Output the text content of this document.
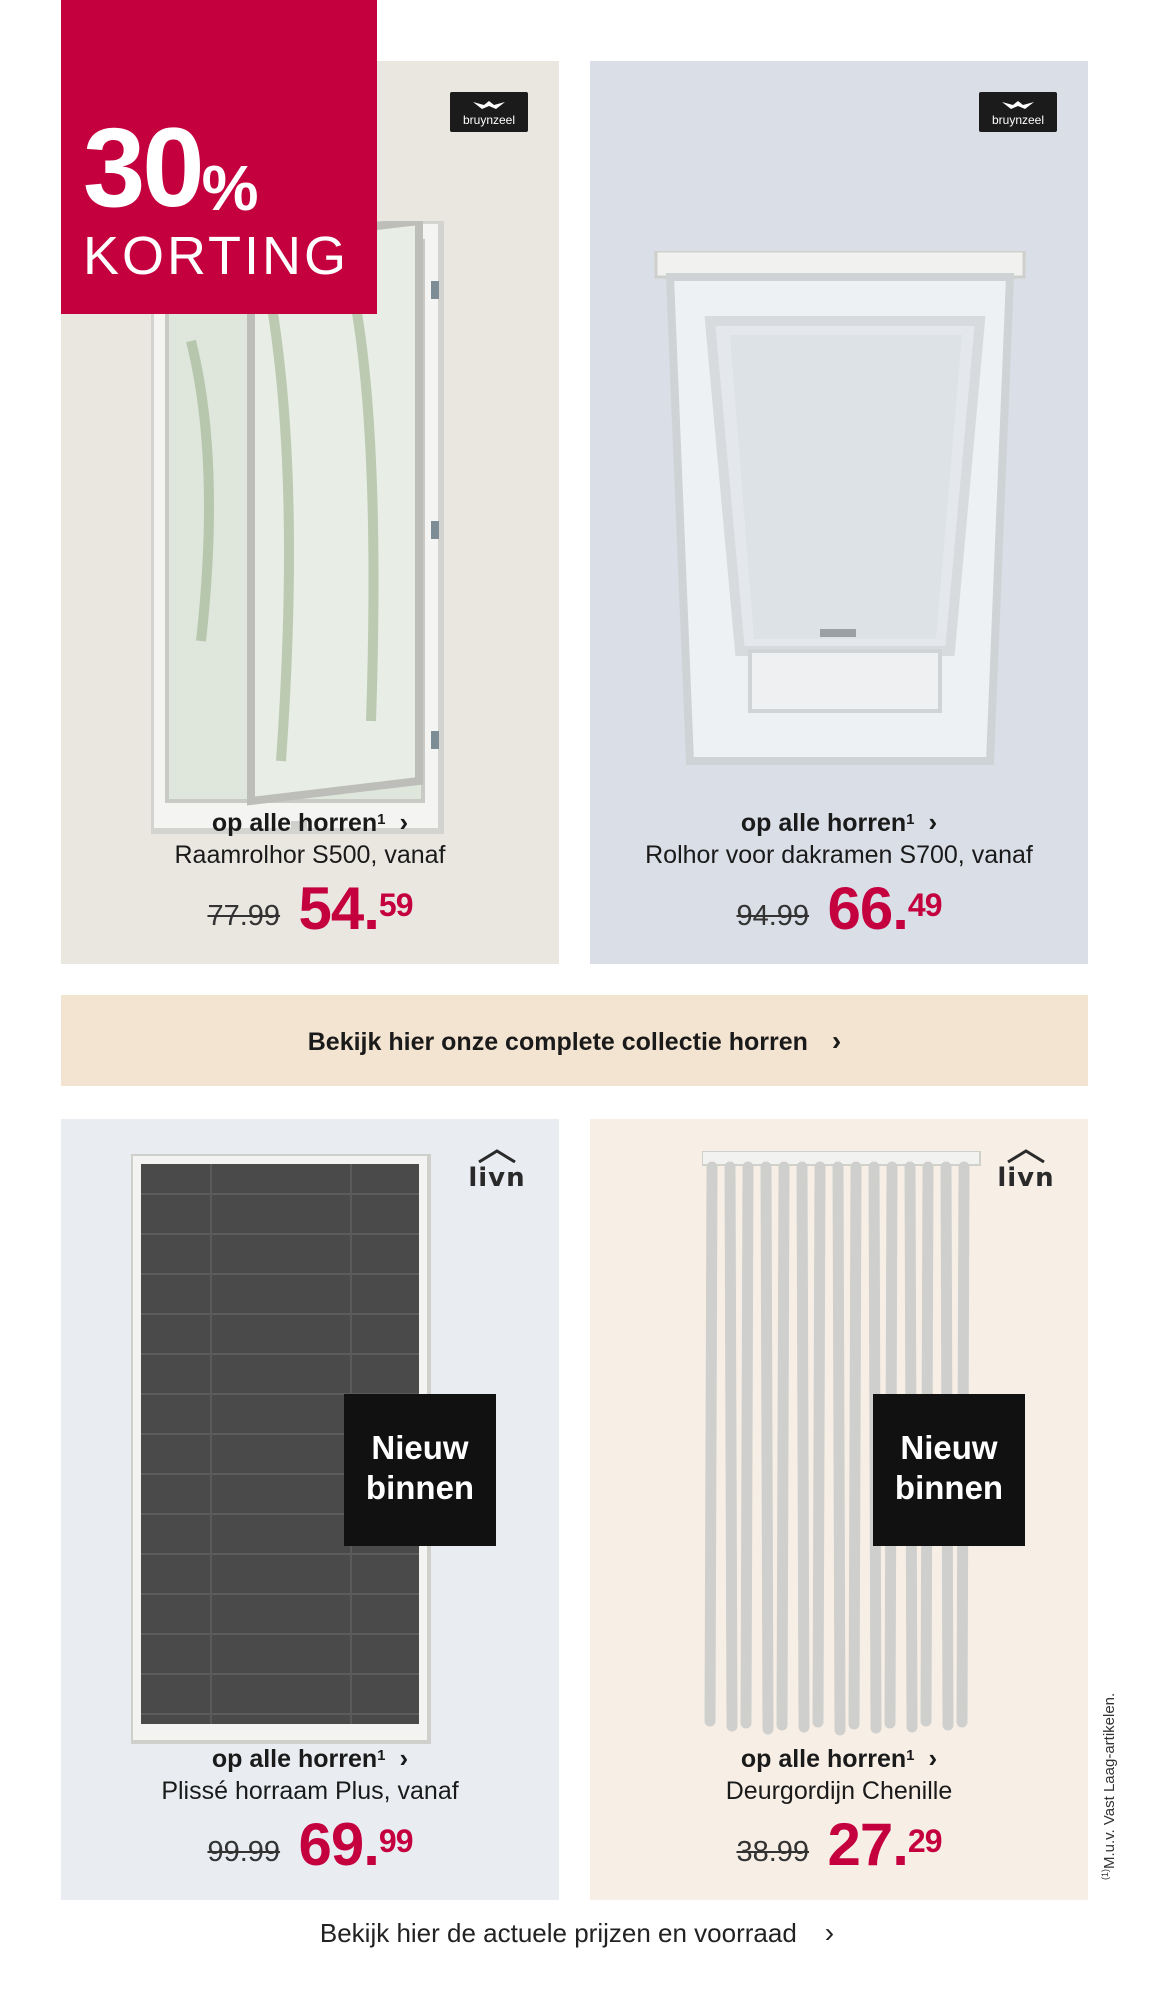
30%
KORTING
bruynzeel
op alle horren$^1$ ›
Raamrolhor S500, vanaf
77.99 54.59
bruynzeel
op alle horren$^1$ ›
Rolhor voor dakramen S700, vanaf
94.99 66.49
Bekijk hier onze complete collectie horren ›
livn
Nieuw binnen
op alle horren$^1$ ›
Plissé horraam Plus, vanaf
99.99 69.99
livn
Nieuw binnen
op alle horren$^1$ ›
Deurgordijn Chenille
38.99 27.29
$^{(1)}$M.u.v. Vast Laag-artikelen.
Bekijk hier de actuele prijzen en voorraad ›
